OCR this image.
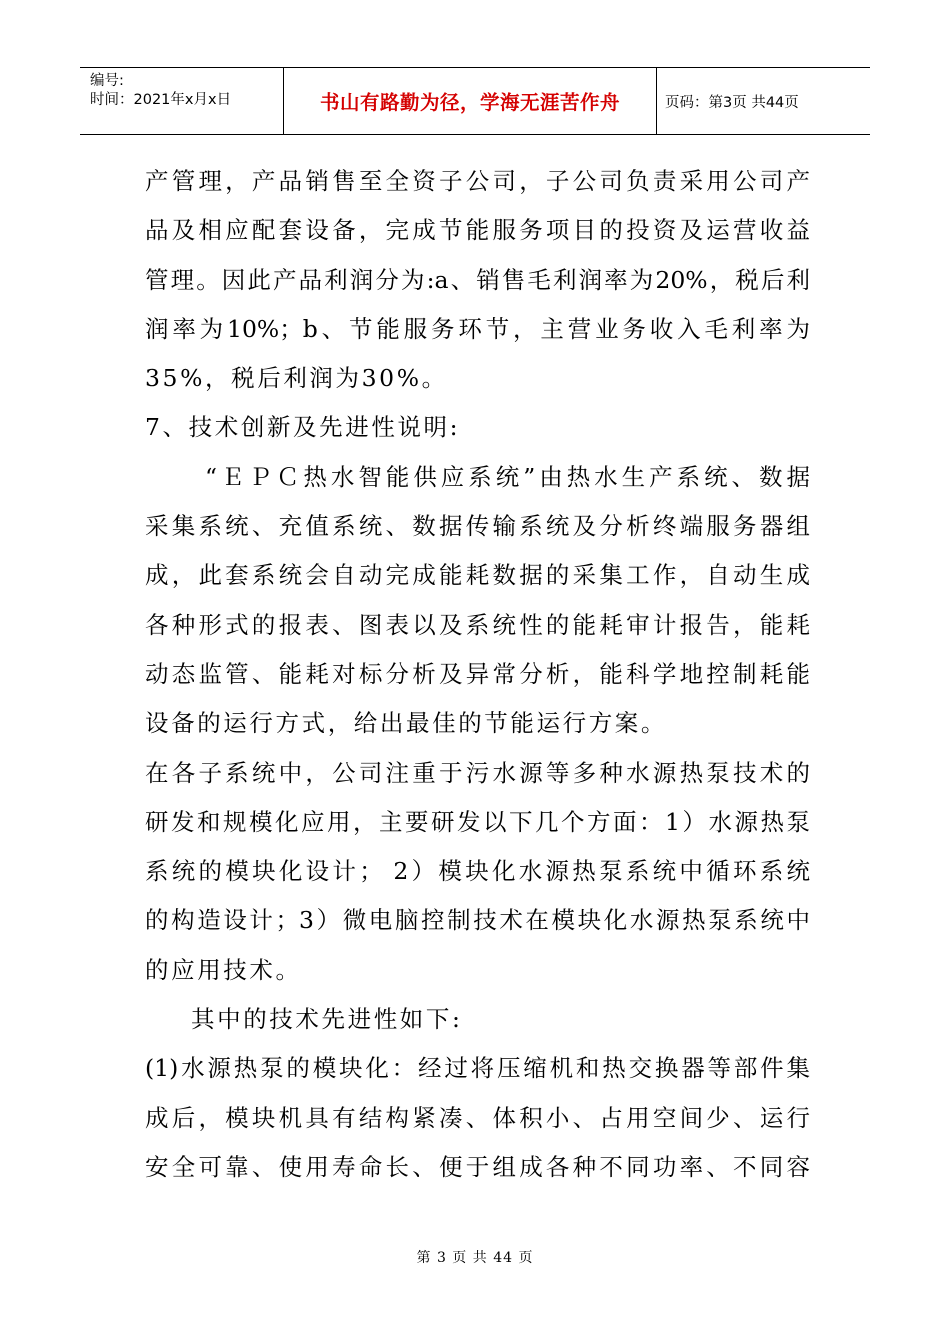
编号:
时间：2021年x月x日	书山有路勤为径，学海无涯苦作舟	页码：第3页 共44页
产管理，产品销售至全资子公司，子公司负责采用公司产
品及相应配套设备，完成节能服务项目的投资及运营收益
管理。因此产品利润分为:a、销售毛利润率为20%，税后利
润率为10%；b、节能服务环节，主营业务收入毛利率为
35%，税后利润为30%。
7、技术创新及先进性说明:
“ＥＰＣ热水智能供应系统”由热水生产系统、数据
采集系统、充值系统、数据传输系统及分析终端服务器组
成，此套系统会自动完成能耗数据的采集工作，自动生成
各种形式的报表、图表以及系统性的能耗审计报告，能耗
动态监管、能耗对标分析及异常分析，能科学地控制耗能
设备的运行方式，给出最佳的节能运行方案。
在各子系统中，公司注重于污水源等多种水源热泵技术的
研发和规模化应用，主要研发以下几个方面：1）水源热泵
系统的模块化设计； 2）模块化水源热泵系统中循环系统
的构造设计；3）微电脑控制技术在模块化水源热泵系统中
的应用技术。
其中的技术先进性如下:
(1)水源热泵的模块化：经过将压缩机和热交换器等部件集
成后，模块机具有结构紧凑、体积小、占用空间少、运行
安全可靠、使用寿命长、便于组成各种不同功率、不同容
第 3 页 共 44 页
